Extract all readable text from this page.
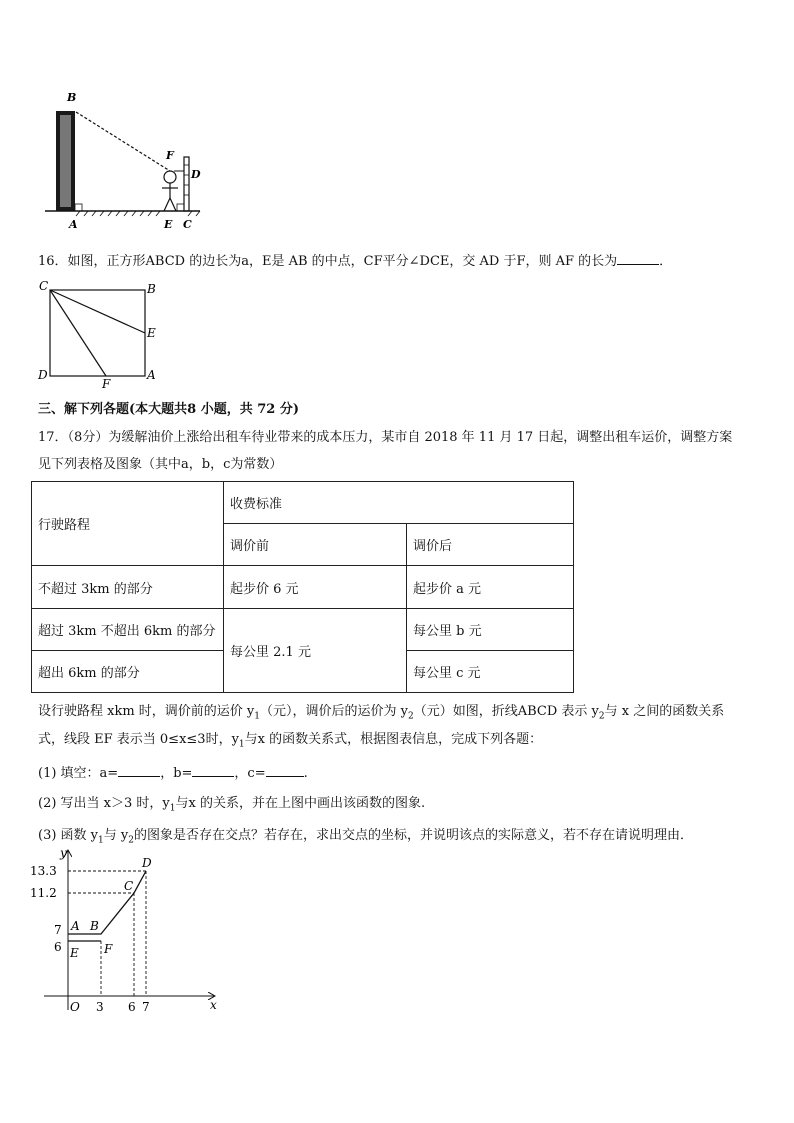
B
F
D
A	E C
16．如图，正方形ABCD 的边长为a，E是 AB 的中点，CF平分∠DCE，交 AD 于F，则 AF 的长为	．
C	B
E
D
F
A
三、解下列各题(本大题共8 小题，共 72 分)
17．（8分）为缓解油价上涨给出租车待业带来的成本压力，某市自 2018 年 11 月 17 日起，调整出租车运价，调整方案
见下列表格及图象（其中a，b，c为常数）
行驶路程	收费标准	
	调价前	调价后
不超过 3km 的部分	起步价 6 元	起步价 a 元
超过 3km 不超出 6km 的部分	每公里 2.1 元	每公里 b 元
超出 6km 的部分		每公里 c 元
设行驶路程 xkm 时，调价前的运价 $y_1$（元），调价后的运价为 $y_2$（元）如图，折线ABCD 表示 $y_2$与 x 之间的函数关系
式，线段 EF 表示当 0≤x≤3时，$y_1$与x 的函数关系式，根据图表信息，完成下列各题：
(1) 填空：a=	，b=	，c=	.
(2) 写出当 x＞3 时，$y_1$与x 的关系，并在上图中画出该函数的图象.
(3) 函数 $y_1$与 $y_2$的图象是否存在交点？若存在，求出交点的坐标，并说明该点的实际意义，若不存在请说明理由．
y
x
O
13.3
11.2
7
6
3 6 7
A B
C
D
E F
